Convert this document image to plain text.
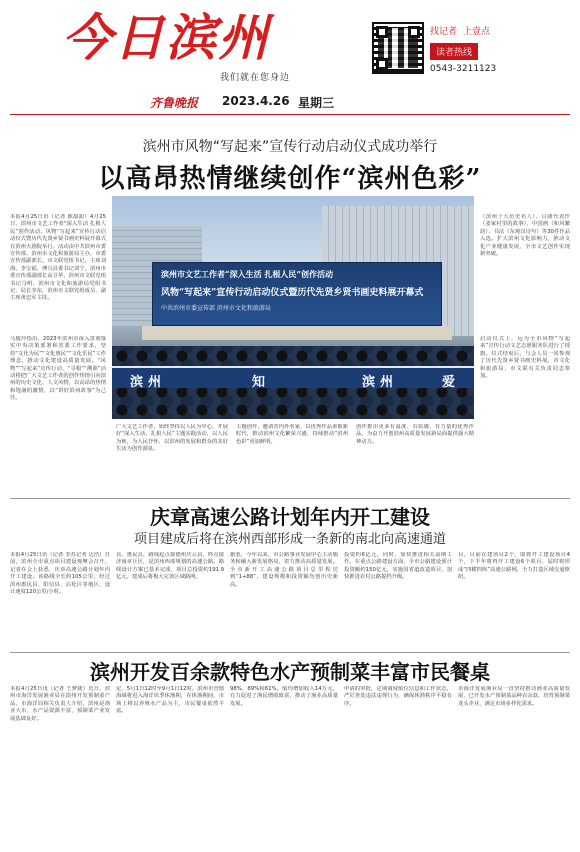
今日滨州
我们就在您身边
齐鲁晚报 2023.4.26 星期三
找记者 上壹点
读者热线
0543-3211123
滨州市风物“写起来”宣传行动启动仪式成功举行
以高昂热情继续创作“滨州色彩”
本报4月25日讯（记者 陈甜甜）4月25日，滨州市文艺工作者“深入生活 扎根人民”创作活动、风物“写起来”宣传行动启动仪式暨历代先贤乡贤书画史料展开幕式在滨州大剧院举行。活动由中共滨州市委宣传部、滨州市文化和旅游局主办，市委宣传部副部长、市文联党组书记、主席刘海、李宝福、博兴县委书记刘宁，滨州市委宣传部副部长高卫华，滨州市文联党组书记马明，滨州市文化和旅游局党组书记、局长李东，滨州市文联党组成员、副主席黄忠军主持。
马俊玲指出，2023年滨州市深入贯彻落实中央决策部署和省委工作要求，坚持“文化为民”“文化惠民”“文化乐民”工作理念，推动文化建设高质量发展。“风物”“写起来”宣传行动、“寻根”“溯源”活动将把广大文艺工作者的创作热情引向滨州的历史文化、人文风物，以高昂的热情和饱满的激情，以“讲好滨州故事”为己任。
滨州市文艺工作者“深入生活 扎根人民”创作活动
风物“写起来”宣传行动启动仪式暨历代先贤乡贤书画史料展开幕式
中共滨州市委宣传部 滨州市文化和旅游局
滨 州	知	滨 州	爱
（滨州十大历史名人）、吕剧代表作（姜家村里的故事）、中国画（和风繁韵）、书法（东观汉诗句）等30件作品入选。扩大滨州文化影响力，推动文化产业健康发展，全市文艺创作实现新突破。
启动仪式上，远为全市风物“写起来”宣传行动文艺志愿服务队进行了授旗。仪式结束后，与会人员一同参观了历代先贤乡贤书画史料展，市文化和旅游局、市文联有关负责同志参加。
广大文艺工作者，始终坚持以人民为中心，开展好“深入生活，扎根人民”主题实践活动，以人民为师，为人民抒怀，以滨州的发展和群众的美好生活为创作源泉。
主题创作，邀请省内外名家，以优秀作品讴歌新时代，推动滨州文化繁荣兴盛，持续推动“滨州色彩”更加鲜明。
创作推出更多有温度、有质感、有力量的优秀作品，为奋力开创滨州高质量发展新局面提供强大精神动力。
庆章高速公路计划年内开工建设
项目建成后将在滨州西部形成一条新的南北向高速通道
本报4月25日讯（记者 李苏记者 边浩）日前，滨州全市重点项目建设观摩会召开，记者在会上获悉，庆章高速公路计划年内开工建设。该路线全长约105公里，经过滨州惠民县、阳信县、沾化区等地区，设计速度120公里/小时。
县、惠民县，路线起点接德州庆云县，终点接济南章丘区，是滨州西部规划的高速公路。路线设计方案已基本完成，项目总投资约191.9亿元。建成后将极大完善区域路网。
据悉，今年以来，市公路事业发展中心主动服务和融入新发展格局，着力推动高质量发展。全市新开工高速公路项目总里程达到“1+88”，建设规模和投资额均创历史新高。
投资约6亿元，同时，加快推进相关前期工作。在重点公路建设方面，全市公路建设预计投资额约150亿元，实施国省道改造项目，加快推进农村公路提档升级。
目，目前在建项目2个，即将开工建设项目4个，下半年将再开工建设6个项目，届时将形成“四横四纵”高速公路网，全力打造区域交通枢纽。
滨州开发百余款特色水产预制菜丰富市民餐桌
本报4月25日讯（记者 王梦婕）近日，滨州市海洋发展渔业局在滨州开发预制菜产品，市海洋局相关负责人介绍，滨州是渔业大市，水产品资源丰富，预制菜产业发展基础良好。
定，5月1日12时至9月1日12时，滨州市管辖海域将进入海洋伏季休渔期，在休渔期间，市场上将以养殖水产品为主，市民餐桌依然丰富。
98%、89%和61%。船均增加收入14万元，有力促进了渔民增收致富，推动了渔业高质量发展。
申请的审批，定期调度船位信息和工作状态，严厉查处违法违规行为，确保休渔秩序平稳有序。
市海洋发展渔业局一直坚持推动渔业高质量发展，已开发水产预制菜品种百余款，培育预制菜龙头企业，满足市场多样化需求。
